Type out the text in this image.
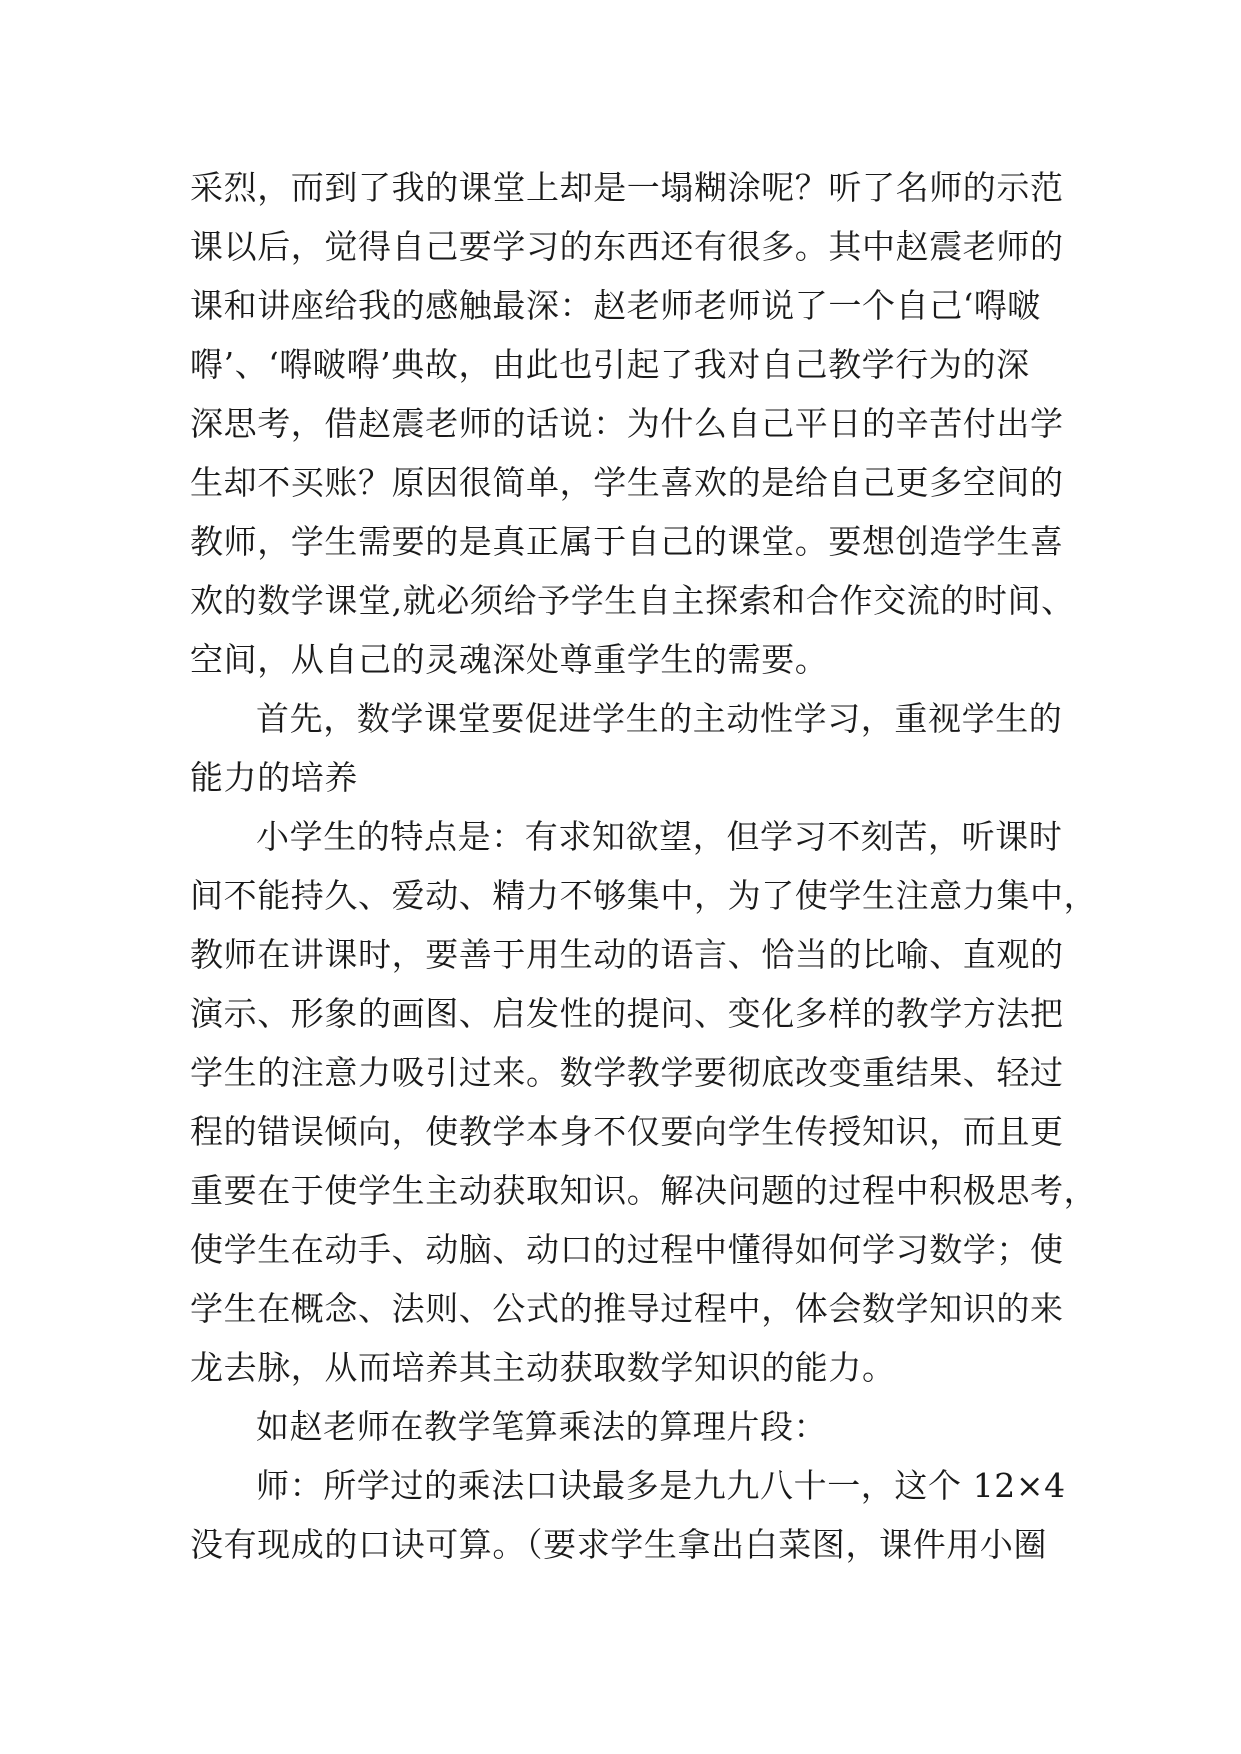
采烈，而到了我的课堂上却是一塌糊涂呢？听了名师的示范
课以后，觉得自己要学习的东西还有很多。其中赵震老师的
课和讲座给我的感触最深：赵老师老师说了一个自己‘嘚啵
嘚’、‘嘚啵嘚’典故，由此也引起了我对自己教学行为的深
深思考，借赵震老师的话说：为什么自己平日的辛苦付出学
生却不买账？原因很简单，学生喜欢的是给自己更多空间的
教师，学生需要的是真正属于自己的课堂。要想创造学生喜
欢的数学课堂,就必须给予学生自主探索和合作交流的时间、
空间，从自己的灵魂深处尊重学生的需要。
首先，数学课堂要促进学生的主动性学习，重视学生的
能力的培养
小学生的特点是：有求知欲望，但学习不刻苦，听课时
间不能持久、爱动、精力不够集中，为了使学生注意力集中，
教师在讲课时，要善于用生动的语言、恰当的比喻、直观的
演示、形象的画图、启发性的提问、变化多样的教学方法把
学生的注意力吸引过来。数学教学要彻底改变重结果、轻过
程的错误倾向，使教学本身不仅要向学生传授知识，而且更
重要在于使学生主动获取知识。解决问题的过程中积极思考，
使学生在动手、动脑、动口的过程中懂得如何学习数学；使
学生在概念、法则、公式的推导过程中，体会数学知识的来
龙去脉，从而培养其主动获取数学知识的能力。
如赵老师在教学笔算乘法的算理片段：
师：所学过的乘法口诀最多是九九八十一，这个 12×4
没有现成的口诀可算。（要求学生拿出白菜图，课件用小圈
